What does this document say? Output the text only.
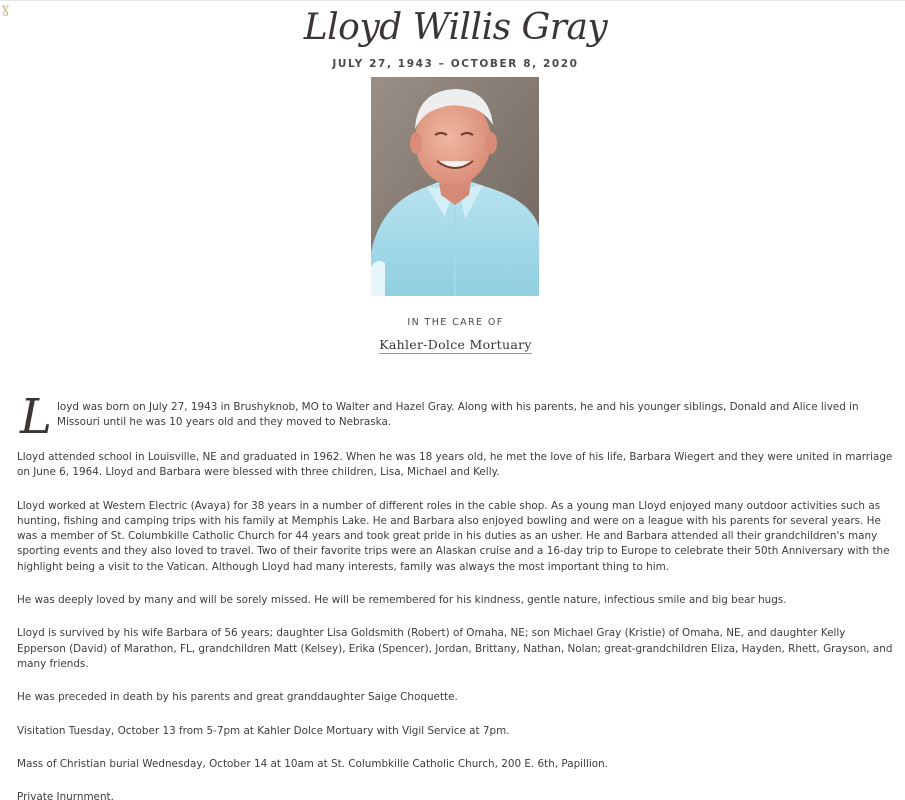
ɣ	Lloyd Willis Gray
JULY 27, 1943 – OCTOBER 8, 2020
IN THE CARE OF
Kahler-Dolce Mortuary
L loyd was born on July 27, 1943 in Brushyknob, MO to Walter and Hazel Gray. Along with his parents, he and his younger siblings, Donald and Alice lived in Missouri until he was 10 years old and they moved to Nebraska.

Lloyd attended school in Louisville, NE and graduated in 1962. When he was 18 years old, he met the love of his life, Barbara Wiegert and they were united in marriage on June 6, 1964. Lloyd and Barbara were blessed with three children, Lisa, Michael and Kelly.

Lloyd worked at Western Electric (Avaya) for 38 years in a number of different roles in the cable shop. As a young man Lloyd enjoyed many outdoor activities such as hunting, fishing and camping trips with his family at Memphis Lake. He and Barbara also enjoyed bowling and were on a league with his parents for several years. He was a member of St. Columbkille Catholic Church for 44 years and took great pride in his duties as an usher. He and Barbara attended all their grandchildren's many sporting events and they also loved to travel. Two of their favorite trips were an Alaskan cruise and a 16-day trip to Europe to celebrate their 50th Anniversary with the highlight being a visit to the Vatican. Although Lloyd had many interests, family was always the most important thing to him.

He was deeply loved by many and will be sorely missed. He will be remembered for his kindness, gentle nature, infectious smile and big bear hugs.

Lloyd is survived by his wife Barbara of 56 years; daughter Lisa Goldsmith (Robert) of Omaha, NE; son Michael Gray (Kristie) of Omaha, NE, and daughter Kelly Epperson (David) of Marathon, FL, grandchildren Matt (Kelsey), Erika (Spencer), Jordan, Brittany, Nathan, Nolan; great-grandchildren Eliza, Hayden, Rhett, Grayson, and many friends.

He was preceded in death by his parents and great granddaughter Saige Choquette.

Visitation Tuesday, October 13 from 5-7pm at Kahler Dolce Mortuary with Vigil Service at 7pm.

Mass of Christian burial Wednesday, October 14 at 10am at St. Columbkille Catholic Church, 200 E. 6th, Papillion.

Private Inurnment.
